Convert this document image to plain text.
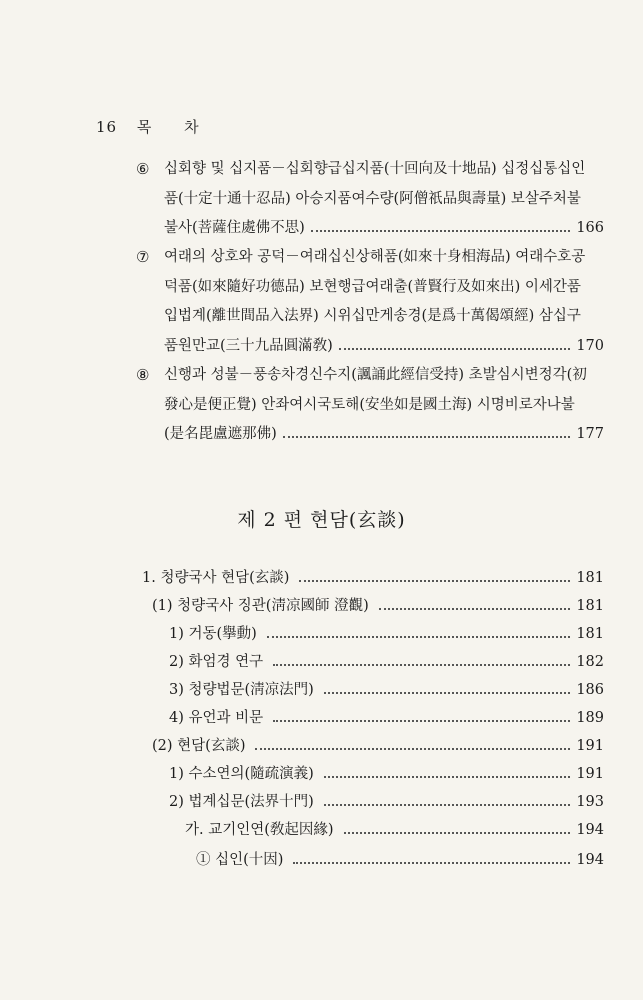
16 목 차
⑥ 십회향 및 십지품－십회향급십지품(十回向及十地品) 십정십통십인
품(十定十通十忍品) 아승지품여수량(阿僧祇品與壽量) 보살주처불
불사(菩薩住處佛不思)	166
⑦ 여래의 상호와 공덕－여래십신상해품(如來十身相海品) 여래수호공
덕품(如來隨好功德品) 보현행급여래출(普賢行及如來出) 이세간품
입법계(離世間品入法界) 시위십만게송경(是爲十萬偈頌經) 삼십구
품원만교(三十九品圓滿敎)	170
⑧ 신행과 성불－풍송차경신수지(諷誦此經信受持) 초발심시변정각(初
發心是便正覺) 안좌여시국토해(安坐如是國土海) 시명비로자나불
(是名毘盧遮那佛)	177
제 2 편 현담(玄談)
1. 청량국사 현담(玄談)	181
(1) 청량국사 징관(淸凉國師 澄觀)	181
1) 거동(擧動)	181
2) 화엄경 연구	182
3) 청량법문(淸凉法門)	186
4) 유언과 비문	189
(2) 현담(玄談)	191
1) 수소연의(隨疏演義)	191
2) 법계십문(法界十門)	193
가. 교기인연(敎起因緣)	194
① 십인(十因)	194
